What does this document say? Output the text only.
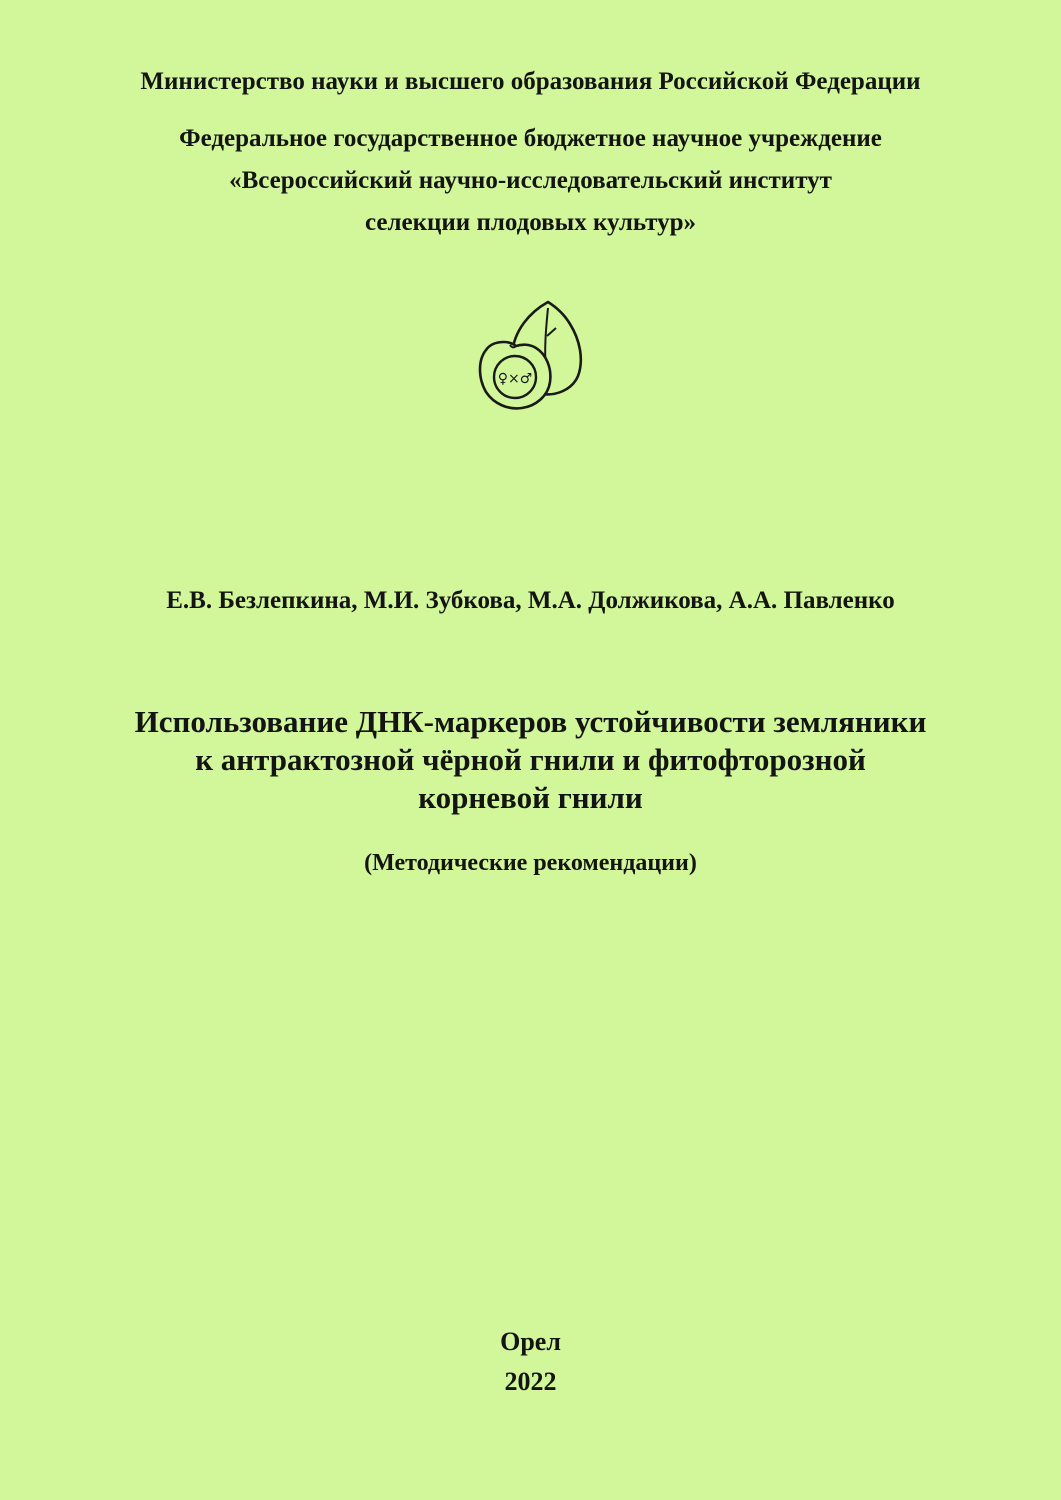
Министерство науки и высшего образования Российской Федерации
Федеральное государственное бюджетное научное учреждение
«Всероссийский научно-исследовательский институт
селекции плодовых культур»
♀×♂
Е.В. Безлепкина, М.И. Зубкова, М.А. Должикова, А.А. Павленко
Использование ДНК-маркеров устойчивости земляники
к антрактозной чёрной гнили и фитофторозной
корневой гнили
(Методические рекомендации)
Орел
2022
